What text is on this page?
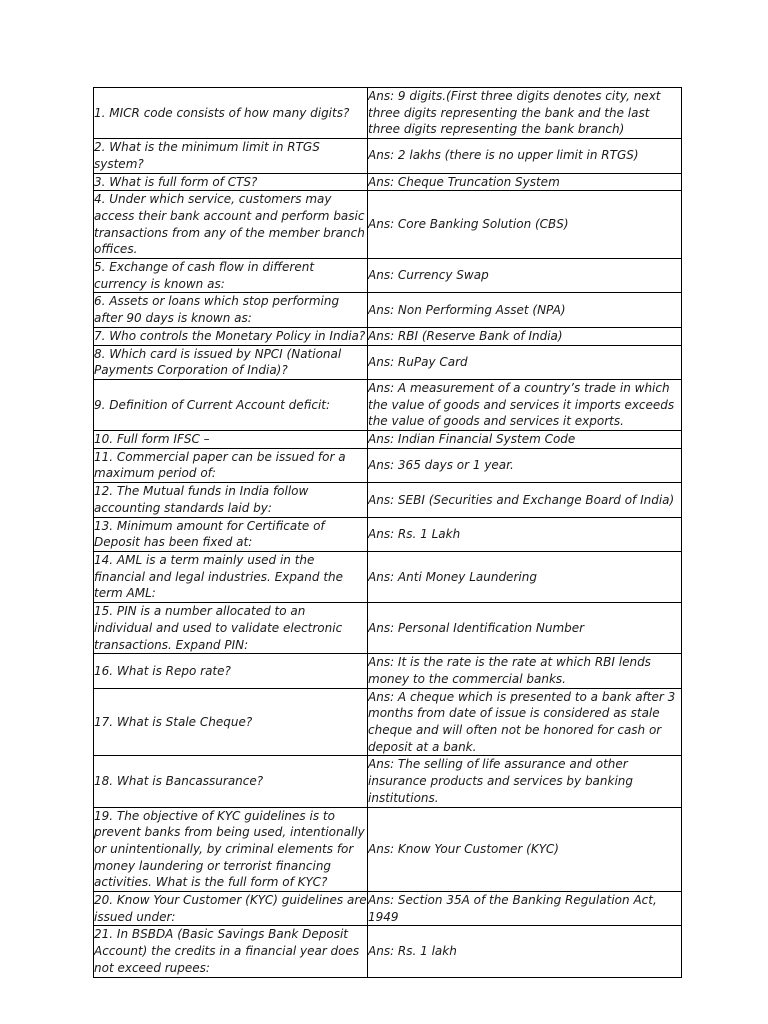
1. MICR code consists of how many digits?	Ans: 9 digits.(First three digits denotes city, next three digits representing the bank and the last three digits representing the bank branch)
2. What is the minimum limit in RTGS system?	Ans: 2 lakhs (there is no upper limit in RTGS)
3. What is full form of CTS?	Ans: Cheque Truncation System
4. Under which service, customers may access their bank account and perform basic transactions from any of the member branch offices.	Ans: Core Banking Solution (CBS)
5. Exchange of cash flow in different currency is known as:	Ans: Currency Swap
6. Assets or loans which stop performing after 90 days is known as:	Ans: Non Performing Asset (NPA)
7. Who controls the Monetary Policy in India?	Ans: RBI (Reserve Bank of India)
8. Which card is issued by NPCI (National Payments Corporation of India)?	Ans: RuPay Card
9. Definition of Current Account deficit:	Ans: A measurement of a country’s trade in which the value of goods and services it imports exceeds the value of goods and services it exports.
10. Full form IFSC –	Ans: Indian Financial System Code
11. Commercial paper can be issued for a maximum period of:	Ans: 365 days or 1 year.
12. The Mutual funds in India follow accounting standards laid by:	Ans: SEBI (Securities and Exchange Board of India)
13. Minimum amount for Certificate of Deposit has been fixed at:	Ans: Rs. 1 Lakh
14. AML is a term mainly used in the financial and legal industries. Expand the term AML:	Ans: Anti Money Laundering
15. PIN is a number allocated to an individual and used to validate electronic transactions. Expand PIN:	Ans: Personal Identification Number
16. What is Repo rate?	Ans: It is the rate is the rate at which RBI lends money to the commercial banks.
17. What is Stale Cheque?	Ans: A cheque which is presented to a bank after 3 months from date of issue is considered as stale cheque and will often not be honored for cash or deposit at a bank.
18. What is Bancassurance?	Ans: The selling of life assurance and other insurance products and services by banking institutions.
19. The objective of KYC guidelines is to prevent banks from being used, intentionally or unintentionally, by criminal elements for money laundering or terrorist financing activities. What is the full form of KYC?	Ans: Know Your Customer (KYC)
20. Know Your Customer (KYC) guidelines are issued under:	Ans: Section 35A of the Banking Regulation Act, 1949
21. In BSBDA (Basic Savings Bank Deposit Account) the credits in a financial year does not exceed rupees:	Ans: Rs. 1 lakh
